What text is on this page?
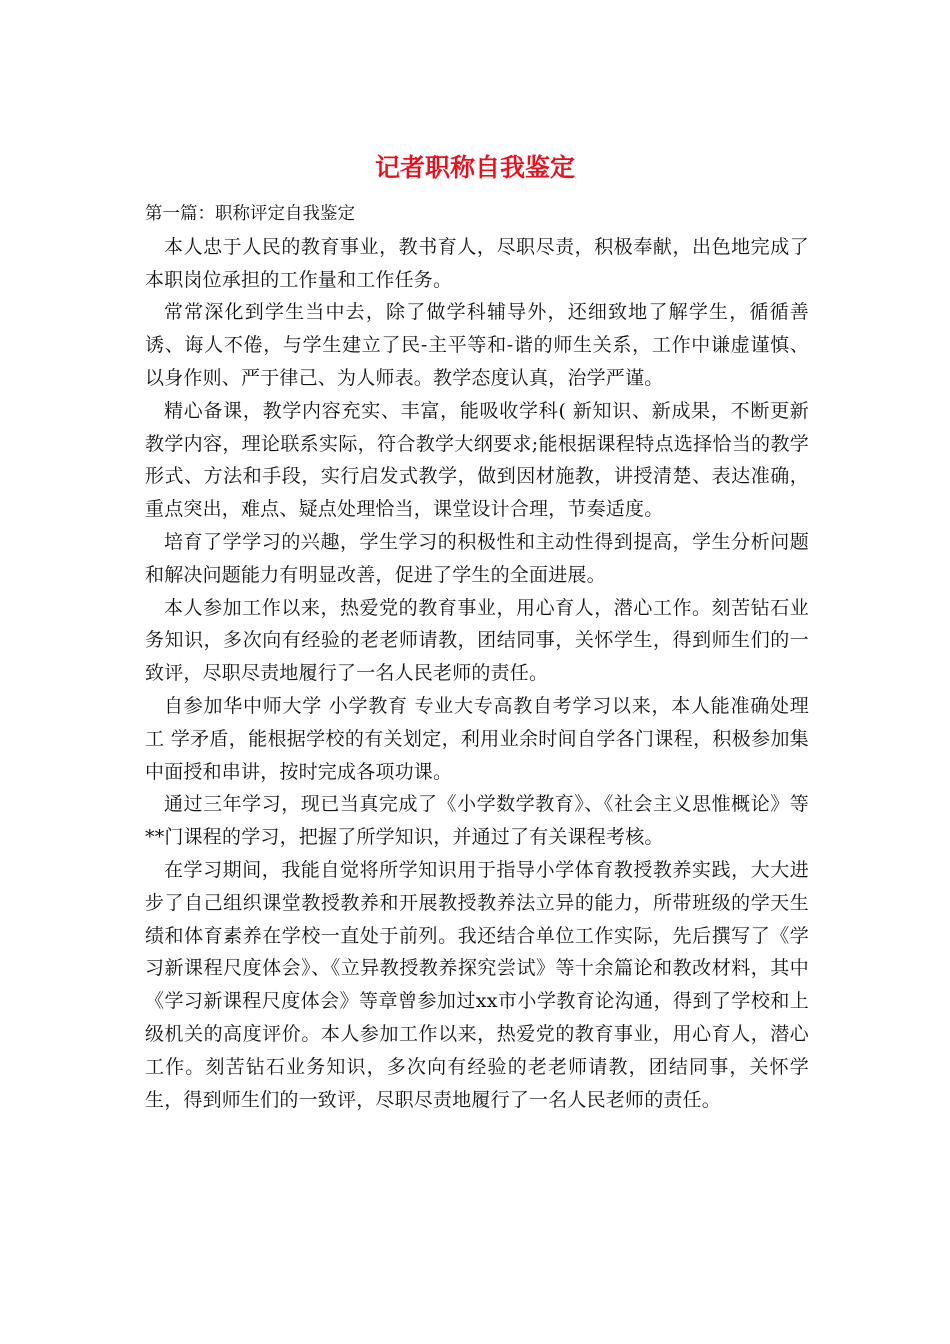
记者职称自我鉴定

第一篇：职称评定自我鉴定

本人忠于人民的教育事业，教书育人，尽职尽责，积极奉献，出色地完成了本职岗位承担的工作量和工作任务。

常常深化到学生当中去，除了做学科辅导外，还细致地了解学生，循循善诱、诲人不倦，与学生建立了民-主平等和-谐的师生关系，工作中谦虚谨慎、以身作则、严于律己、为人师表。教学态度认真，治学严谨。

精心备课，教学内容充实、丰富，能吸收学科( 新知识、新成果，不断更新教学内容，理论联系实际，符合教学大纲要求;能根据课程特点选择恰当的教学形式、方法和手段，实行启发式教学，做到因材施教，讲授清楚、表达准确，重点突出，难点、疑点处理恰当，课堂设计合理，节奏适度。

培育了学学习的兴趣，学生学习的积极性和主动性得到提高，学生分析问题和解决问题能力有明显改善，促进了学生的全面进展。

本人参加工作以来，热爱党的教育事业，用心育人，潜心工作。刻苦钻石业务知识，多次向有经验的老老师请教，团结同事，关怀学生，得到师生们的一致评，尽职尽责地履行了一名人民老师的责任。

自参加华中师大学 小学教育 专业大专高教自考学习以来，本人能准确处理工 学矛盾，能根据学校的有关划定，利用业余时间自学各门课程，积极参加集中面授和串讲，按时完成各项功课。

通过三年学习，现已当真完成了《小学数学教育》、《社会主义思惟概论》等**门课程的学习，把握了所学知识，并通过了有关课程考核。

在学习期间，我能自觉将所学知识用于指导小学体育教授教养实践，大大进步了自己组织课堂教授教养和开展教授教养法立异的能力，所带班级的学天生绩和体育素养在学校一直处于前列。我还结合单位工作实际，先后撰写了《学习新课程尺度体会》、《立异教授教养探究尝试》等十余篇论和教改材料，其中《学习新课程尺度体会》等章曾参加过xx市小学教育论沟通，得到了学校和上级机关的高度评价。本人参加工作以来，热爱党的教育事业，用心育人，潜心工作。刻苦钻石业务知识，多次向有经验的老老师请教，团结同事，关怀学生，得到师生们的一致评，尽职尽责地履行了一名人民老师的责任。
